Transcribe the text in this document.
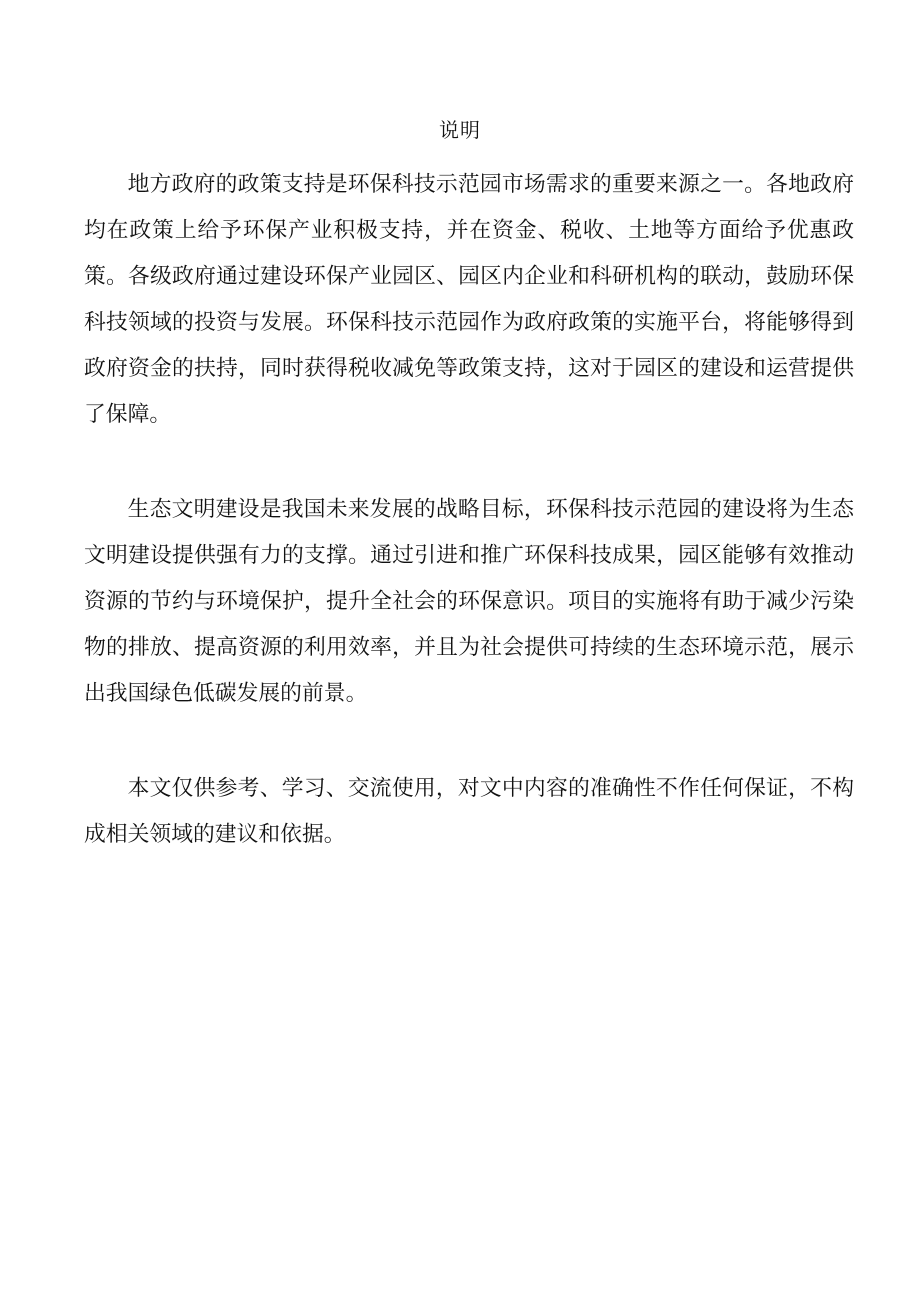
说明

地方政府的政策支持是环保科技示范园市场需求的重要来源之一。各地政府均在政策上给予环保产业积极支持，并在资金、税收、土地等方面给予优惠政策。各级政府通过建设环保产业园区、园区内企业和科研机构的联动，鼓励环保科技领域的投资与发展。环保科技示范园作为政府政策的实施平台，将能够得到政府资金的扶持，同时获得税收减免等政策支持，这对于园区的建设和运营提供了保障。

生态文明建设是我国未来发展的战略目标，环保科技示范园的建设将为生态文明建设提供强有力的支撑。通过引进和推广环保科技成果，园区能够有效推动资源的节约与环境保护，提升全社会的环保意识。项目的实施将有助于减少污染物的排放、提高资源的利用效率，并且为社会提供可持续的生态环境示范，展示出我国绿色低碳发展的前景。

本文仅供参考、学习、交流使用，对文中内容的准确性不作任何保证，不构成相关领域的建议和依据。
